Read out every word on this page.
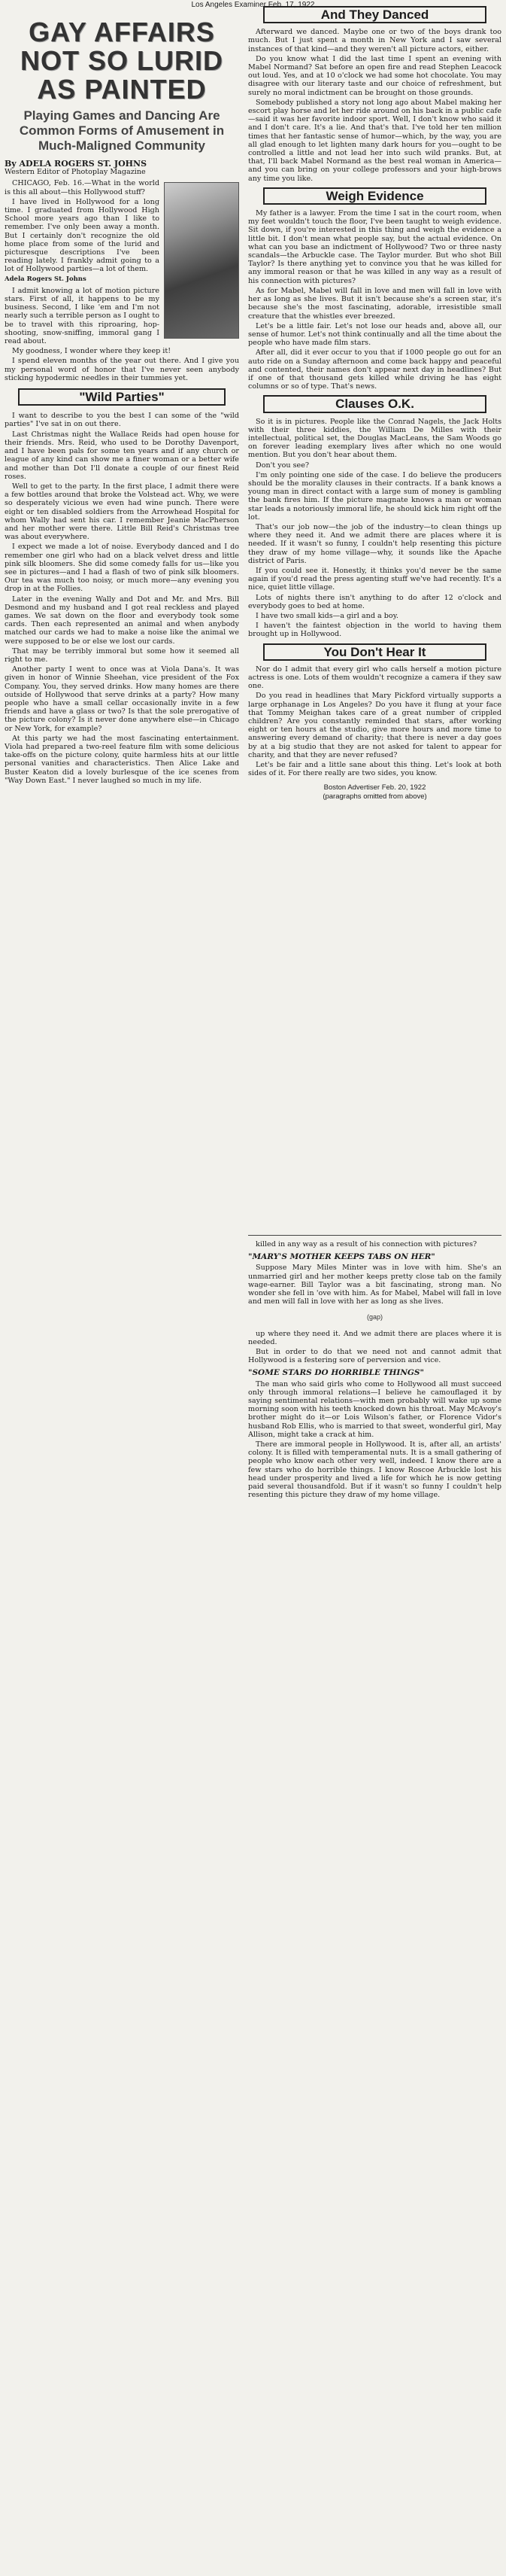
Los Angeles Examiner Feb. 17, 1922
GAY AFFAIRS NOT SO LURID AS PAINTED
Playing Games and Dancing Are Common Forms of Amusement in Much-Maligned Community
By ADELA ROGERS ST. JOHNS
Western Editor of Photoplay Magazine

CHICAGO, Feb. 16.—What in the world is this all about—this Hollywood stuff?

I have lived in Hollywood for a long time. I graduated from Hollywood High School more years ago than I like to remember. I've only been away a month. But I certainly don't recognize the old home place from some of the lurid and picturesque descriptions I've been reading lately. I frankly admit going to a lot of Hollywood parties—a lot of them.

Adela Rogers St. Johns

I admit knowing a lot of motion picture stars. First of all, it happens to be my business. Second, I like 'em and I'm not nearly such a terrible person as I ought to be to travel with this riproaring, hop-shooting, snow-sniffing, immoral gang I read about.

My goodness, I wonder where they keep it!

I spend eleven months of the year out there. And I give you my personal word of honor that I've never seen anybody sticking hypodermic needles in their tummies yet.

"Wild Parties"

I want to describe to you the best I can some of the "wild parties" I've sat in on out there.

Last Christmas night the Wallace Reids had open house for their friends. Mrs. Reid, who used to be Dorothy Davenport, and I have been pals for some ten years and if any church or league of any kind can show me a finer woman or a better wife and mother than Dot I'll donate a couple of our finest Reid roses.

Well to get to the party. In the first place, I admit there were a few bottles around that broke the Volstead act. Why, we were so desperately vicious we even had wine punch. There were eight or ten disabled soldiers from the Arrowhead Hospital for whom Wally had sent his car. I remember Jeanie MacPherson and her mother were there. Little Bill Reid's Christmas tree was about everywhere.

I expect we made a lot of noise. Everybody danced and I do remember one girl who had on a black velvet dress and little pink silk bloomers. She did some comedy falls for us—like you see in pictures—and I had a flash of two of pink silk bloomers. Our tea was much too noisy, or much more—any evening you drop in at the Follies.

Later in the evening Wally and Dot and Mr. and Mrs. Bill Desmond and my husband and I got real reckless and played games. We sat down on the floor and everybody took some cards. Then each represented an animal and when anybody matched our cards we had to make a noise like the animal we were supposed to be or else we lost our cards.

That may be terribly immoral but some how it seemed all right to me.

Another party I went to once was at Viola Dana's. It was given in honor of Winnie Sheehan, vice president of the Fox Company. You, they served drinks. How many homes are there outside of Hollywood that serve drinks at a party? How many people who have a small cellar occasionally invite in a few friends and have a glass or two? Is that the sole prerogative of the picture colony? Is it never done anywhere else—in Chicago or New York, for example?

At this party we had the most fascinating entertainment. Viola had prepared a two-reel feature film with some delicious take-offs on the picture colony, quite harmless hits at our little personal vanities and characteristics. Then Alice Lake and Buster Keaton did a lovely burlesque of the ice scenes from "Way Down East." I never laughed so much in my life.

And They Danced

Afterward we danced. Maybe one or two of the boys drank too much. But I just spent a month in New York and I saw several instances of that kind—and they weren't all picture actors, either.

Do you know what I did the last time I spent an evening with Mabel Normand? Sat before an open fire and read Stephen Leacock out loud. Yes, and at 10 o'clock we had some hot chocolate. You may disagree with our literary taste and our choice of refreshment, but surely no moral indictment can be brought on those grounds.

Somebody published a story not long ago about Mabel making her escort play horse and let her ride around on his back in a public cafe—said it was her favorite indoor sport. Well, I don't know who said it and I don't care. It's a lie. And that's that. I've told her ten million times that her fantastic sense of humor—which, by the way, you are all glad enough to let lighten many dark hours for you—ought to be controlled a little and not lead her into such wild pranks. But, at that, I'll back Mabel Normand as the best real woman in America—and you can bring on your college professors and your high-brows any time you like.

Weigh Evidence

My father is a lawyer. From the time I sat in the court room, when my feet wouldn't touch the floor, I've been taught to weigh evidence. Sit down, if you're interested in this thing and weigh the evidence a little bit. I don't mean what people say, but the actual evidence. On what can you base an indictment of Hollywood? Two or three nasty scandals—the Arbuckle case. The Taylor murder. But who shot Bill Taylor? Is there anything yet to convince you that he was killed for any immoral reason or that he was killed in any way as a result of his connection with pictures?

As for Mabel, Mabel will fall in love and men will fall in love with her as long as she lives. But it isn't because she's a screen star, it's because she's the most fascinating, adorable, irresistible small creature that the whistles ever breezed.

Let's be a little fair. Let's not lose our heads and, above all, our sense of humor. Let's not think continually and all the time about the people who have made film stars.

After all, did it ever occur to you that if 1000 people go out for an auto ride on a Sunday afternoon and come back happy and peaceful and contented, their names don't appear next day in headlines? But if one of that thousand gets killed while driving he has eight columns or so of type. That's news.

Clauses O.K.

So it is in pictures. People like the Conrad Nagels, the Jack Holts with their three kiddies, the William De Milles with their intellectual, political set, the Douglas MacLeans, the Sam Woods go on forever leading exemplary lives after which no one would mention. But you don't hear about them.

Don't you see?

I'm only pointing one side of the case. I do believe the producers should be the morality clauses in their contracts. If a bank knows a young man in direct contact with a large sum of money is gambling the bank fires him. If the picture magnate knows a man or woman star leads a notoriously immoral life, he should kick him right off the lot.

That's our job now—the job of the industry—to clean things up where they need it. And we admit there are places where it is needed. If it wasn't so funny, I couldn't help resenting this picture they draw of my home village—why, it sounds like the Apache district of Paris.

If you could see it. Honestly, it thinks you'd never be the same again if you'd read the press agenting stuff we've had recently. It's a nice, quiet little village.

Lots of nights there isn't anything to do after 12 o'clock and everybody goes to bed at home.

I have two small kids—a girl and a boy.

I haven't the faintest objection in the world to having them brought up in Hollywood.

You Don't Hear It

Nor do I admit that every girl who calls herself a motion picture actress is one. Lots of them wouldn't recognize a camera if they saw one.

Do you read in headlines that Mary Pickford virtually supports a large orphanage in Los Angeles? Do you have it flung at your face that Tommy Meighan takes care of a great number of crippled children? Are you constantly reminded that stars, after working eight or ten hours at the studio, give more hours and more time to answering every demand of charity; that there is never a day goes by at a big studio that they are not asked for talent to appear for charity, and that they are never refused?

Let's be fair and a little sane about this thing. Let's look at both sides of it. For there really are two sides, you know.

Boston Advertiser Feb. 20, 1922
(paragraphs omitted from above)

killed in any way as a result of his connection with pictures?

"MARY'S MOTHER KEEPS TABS ON HER"

Suppose Mary Miles Minter was in love with him. She's an unmarried girl and her mother keeps pretty close tab on the family wage-earner. Bill Taylor was a bit fascinating, strong man. No wonder she fell in 'ove with him. As for Mabel, Mabel will fall in love and men will fall in love with her as long as she lives.

(gap)

up where they need it. And we admit there are places where it is needed.

But in order to do that we need not and cannot admit that Hollywood is a festering sore of perversion and vice.

"SOME STARS DO HORRIBLE THINGS"

The man who said girls who come to Hollywood all must succeed only through immoral relations—I believe he camouflaged it by saying sentimental relations—with men probably will wake up some morning soon with his teeth knocked down his throat. May McAvoy's brother might do it—or Lois Wilson's father, or Florence Vidor's husband Rob Ellis, who is married to that sweet, wonderful girl, May Allison, might take a crack at him.

There are immoral people in Hollywood. It is, after all, an artists' colony. It is filled with temperamental nuts. It is a small gathering of people who know each other very well, indeed. I know there are a few stars who do horrible things. I know Roscoe Arbuckle lost his head under prosperity and lived a life for which he is now getting paid several thousandfold. But if it wasn't so funny I couldn't help resenting this picture they draw of my home village.
